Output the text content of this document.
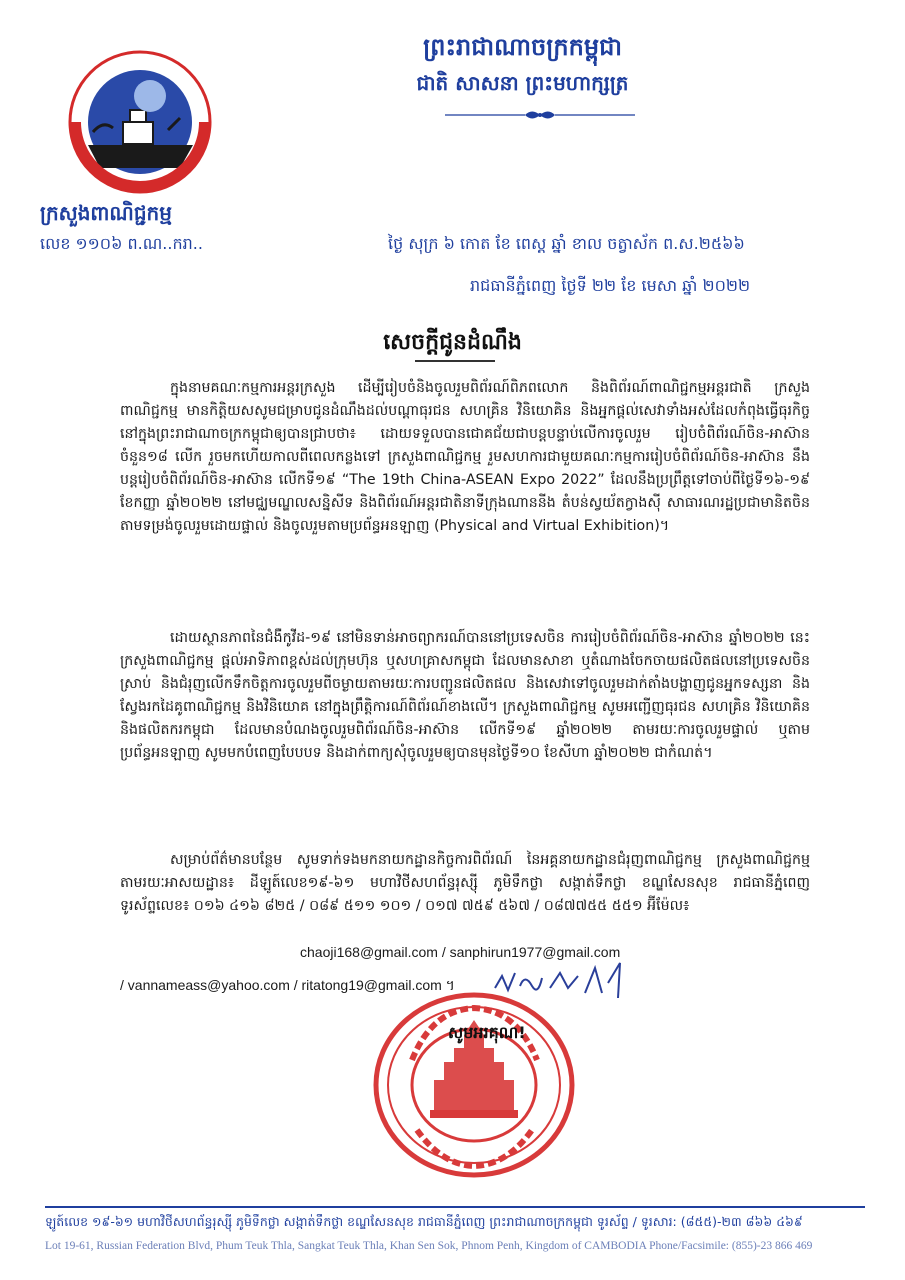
ក្រសួងពាណិជ្ជកម្ម
លេខ ១១០៦ ព.ណ..ករា..
ព្រះរាជាណាចក្រកម្ពុជា
ជាតិ សាសនា ព្រះមហាក្សត្រ
ថ្ងៃ សុក្រ ៦ កោត ខែ ពេស្ដ ឆ្នាំ ខាល ចត្វាស័ក ព.ស.២៥៦៦
រាជធានីភ្នំពេញ ថ្ងៃទី ២២ ខែ មេសា ឆ្នាំ ២០២២
សេចក្តីជូនដំណឹង

ក្នុងនាមគណៈកម្មការអន្តរក្រសួង ដើម្បីរៀបចំនិងចូលរួមពិព័រណ៍ពិភពលោក និងពិព័រណ៍ពាណិជ្ជកម្មអន្តរជាតិ ក្រសួងពាណិជ្ជកម្ម មានកិត្តិយសសូមជម្រាបជូនដំណឹងដល់បណ្តាធុរជន សហគ្រិន វិនិយោគិន និងអ្នកផ្តល់សេវាទាំងអស់ដែលកំពុងធ្វើធុរកិច្ច នៅក្នុងព្រះរាជាណាចក្រកម្ពុជាឲ្យបានជ្រាបថា៖ ដោយទទួលបានជោគជ័យជាបន្តបន្ទាប់លើការចូលរួម រៀបចំពិព័រណ៍ចិន-អាស៊ាន ចំនួន១៨ លើក រួចមកហើយកាលពីពេលកន្លងទៅ ក្រសួងពាណិជ្ជកម្ម រួមសហការជាមួយគណៈកម្មការរៀបចំពិព័រណ៍ចិន-អាស៊ាន នឹងបន្តរៀបចំពិព័រណ៍ចិន-អាស៊ាន លើកទី១៩ “The 19th China-ASEAN Expo 2022” ដែលនឹងប្រព្រឹត្តទៅចាប់ពីថ្ងៃទី១៦-១៩ ខែកញ្ញា ឆ្នាំ២០២២ នៅមជ្ឈមណ្ឌលសន្និសីទ និងពិព័រណ៍អន្តរជាតិនាទីក្រុងណាននីង តំបន់ស្វយ័តក្វាងស៊ី សាធារណរដ្ឋប្រជាមានិតចិន តាមទម្រង់ចូលរួមដោយផ្ទាល់ និងចូលរួមតាមប្រព័ន្ធអនឡាញ (Physical and Virtual Exhibition)។

ដោយស្ថានភាពនៃជំងឺកូវីដ-១៩ នៅមិនទាន់អាចព្យាករណ៍បាននៅប្រទេសចិន ការរៀបចំពិព័រណ៍ចិន-អាស៊ាន ឆ្នាំ២០២២ នេះ ក្រសួងពាណិជ្ជកម្ម ផ្តល់អាទិភាពខ្ពស់ដល់ក្រុមហ៊ុន ឬសហគ្រាសកម្ពុជា ដែលមានសាខា ឬតំណាងចែកចាយផលិតផលនៅប្រទេសចិនស្រាប់ និងជំរុញលើកទឹកចិត្តការចូលរួមពីចម្ងាយតាមរយៈការបញ្ជូនផលិតផល និងសេវាទៅចូលរួមដាក់តាំងបង្ហាញជូនអ្នកទស្សនា និងស្វែងរកដៃគូពាណិជ្ជកម្ម និងវិនិយោគ នៅក្នុងព្រឹត្តិការណ៍ពិព័រណ៍ខាងលើ។ ក្រសួងពាណិជ្ជកម្ម សូមអញ្ជើញធុរជន សហគ្រិន វិនិយោគិន និងផលិតករកម្ពុជា ដែលមានបំណងចូលរួមពិព័រណ៍ចិន-អាស៊ាន លើកទី១៩ ឆ្នាំ២០២២ តាមរយៈការចូលរួមផ្ទាល់ ឬតាមប្រព័ន្ធអនឡាញ សូមមកបំពេញបែបបទ និងដាក់ពាក្យសុំចូលរួមឲ្យបានមុនថ្ងៃទី១០ ខែសីហា ឆ្នាំ២០២២ ជាកំណត់។

សម្រាប់ព័ត៌មានបន្ថែម សូមទាក់ទងមកនាយកដ្ឋានកិច្ចការពិព័រណ៍ នៃអគ្គនាយកដ្ឋានជំរុញពាណិជ្ជកម្ម ក្រសួងពាណិជ្ជកម្ម តាមរយៈអាសយដ្ឋាន៖ ដីឡូត៍លេខ១៩-៦១ មហាវិថីសហព័ន្ធរុស្ស៊ី ភូមិទឹកថ្លា សង្កាត់ទឹកថ្លា ខណ្ឌសែនសុខ រាជធានីភ្នំពេញ ទូរស័ព្ទលេខ៖ ០១៦ ៤១៦ ៨២៥ / ០៨៩ ៥១១ ១០១ / ០១៧ ៧៥៩ ៥៦៧ / ០៨៧៧៥៥ ៥៥១ អ៊ីម៉ែល៖

chaoji168@gmail.com / sanphirun1977@gmail.com
/ vannameass@yahoo.com / ritatong19@gmail.com ។
សូមអរគុណ!
ឡូត៍លេខ ១៩-៦១ មហាវិថីសហព័ន្ធរុស្ស៊ី ភូមិទឹកថ្លា សង្កាត់ទឹកថ្លា ខណ្ឌសែនសុខ រាជធានីភ្នំពេញ ព្រះរាជាណាចក្រកម្ពុជា ទូរស័ព្ទ / ទូរសារ: (៨៥៥)-២៣ ៨៦៦ ៤៦៩
Lot 19-61, Russian Federation Blvd, Phum Teuk Thla, Sangkat Teuk Thla, Khan Sen Sok, Phnom Penh, Kingdom of CAMBODIA Phone/Facsimile: (855)-23 866 469
